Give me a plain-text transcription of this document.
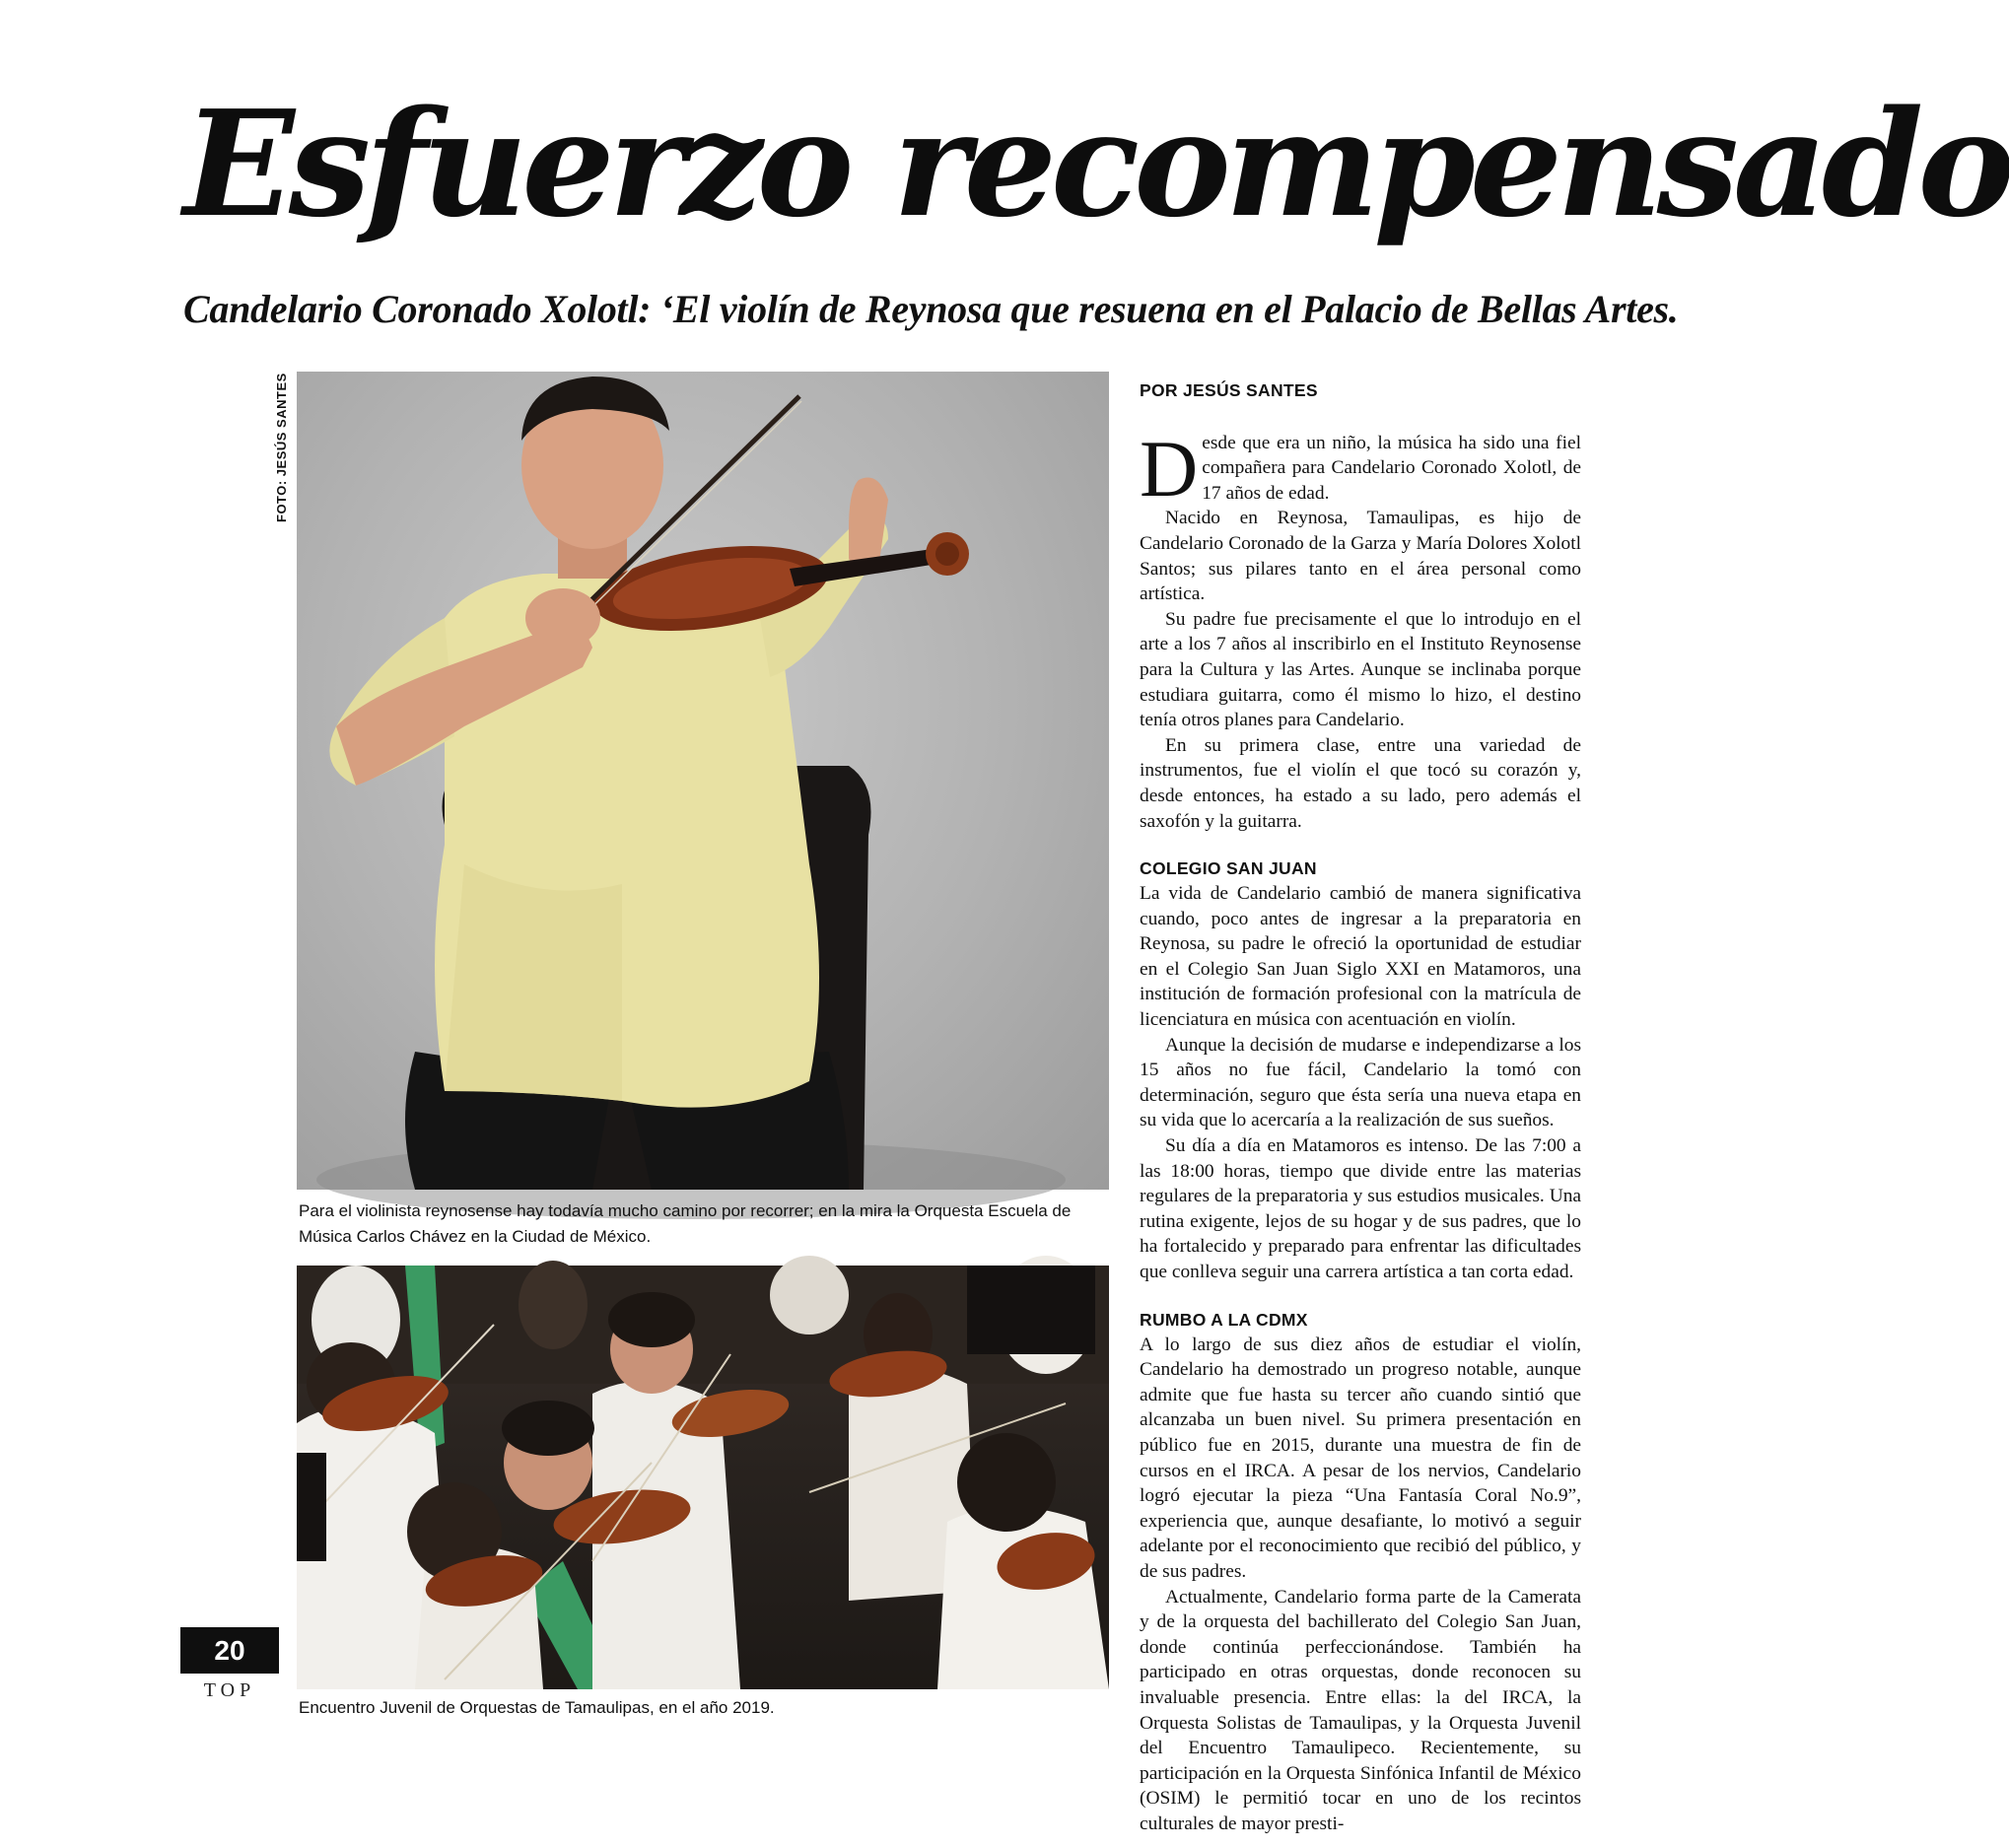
Esfuerzo recompensado
Candelario Coronado Xolotl: ‘El violín de Reynosa que resuena en el Palacio de Bellas Artes.
FOTO: JESÚS SANTES
Para el violinista reynosense hay todavía mucho camino por recorrer; en la mira la Orquesta Escuela de Música Carlos Chávez en la Ciudad de México.
Encuentro Juvenil de Orquestas de Tamaulipas, en el año 2019.
20
TOP
POR JESÚS SANTES

Desde que era un niño, la música ha sido una fiel compañera para Candelario Coronado Xolotl, de 17 años de edad.

Nacido en Reynosa, Tamaulipas, es hijo de Candelario Coronado de la Garza y María Dolores Xolotl Santos; sus pilares tanto en el área personal como artística.

Su padre fue precisamente el que lo introdujo en el arte a los 7 años al inscribirlo en el Instituto Reynosense para la Cultura y las Artes. Aunque se inclinaba porque estudiara guitarra, como él mismo lo hizo, el destino tenía otros planes para Candelario.

En su primera clase, entre una variedad de instrumentos, fue el violín el que tocó su corazón y, desde entonces, ha estado a su lado, pero además el saxofón y la guitarra.

COLEGIO SAN JUAN

La vida de Candelario cambió de manera significativa cuando, poco antes de ingresar a la preparatoria en Reynosa, su padre le ofreció la oportunidad de estudiar en el Colegio San Juan Siglo XXI en Matamoros, una institución de formación profesional con la matrícula de licenciatura en música con acentuación en violín.

Aunque la decisión de mudarse e independizarse a los 15 años no fue fácil, Candelario la tomó con determinación, seguro que ésta sería una nueva etapa en su vida que lo acercaría a la realización de sus sueños.

Su día a día en Matamoros es intenso. De las 7:00 a las 18:00 horas, tiempo que divide entre las materias regulares de la preparatoria y sus estudios musicales. Una rutina exigente, lejos de su hogar y de sus padres, que lo ha fortalecido y preparado para enfrentar las dificultades que conlleva seguir una carrera artística a tan corta edad.

RUMBO A LA CDMX

A lo largo de sus diez años de estudiar el violín, Candelario ha demostrado un progreso notable, aunque admite que fue hasta su tercer año cuando sintió que alcanzaba un buen nivel. Su primera presentación en público fue en 2015, durante una muestra de fin de cursos en el IRCA. A pesar de los nervios, Candelario logró ejecutar la pieza “Una Fantasía Coral No.9”, experiencia que, aunque desafiante, lo motivó a seguir adelante por el reconocimiento que recibió del público, y de sus padres.

Actualmente, Candelario forma parte de la Camerata y de la orquesta del bachillerato del Colegio San Juan, donde continúa perfeccionándose. También ha participado en otras orquestas, donde reconocen su invaluable presencia. Entre ellas: la del IRCA, la Orquesta Solistas de Tamaulipas, y la Orquesta Juvenil del Encuentro Tamaulipeco. Recientemente, su participación en la Orquesta Sinfónica Infantil de México (OSIM) le permitió tocar en uno de los recintos culturales de mayor presti-
